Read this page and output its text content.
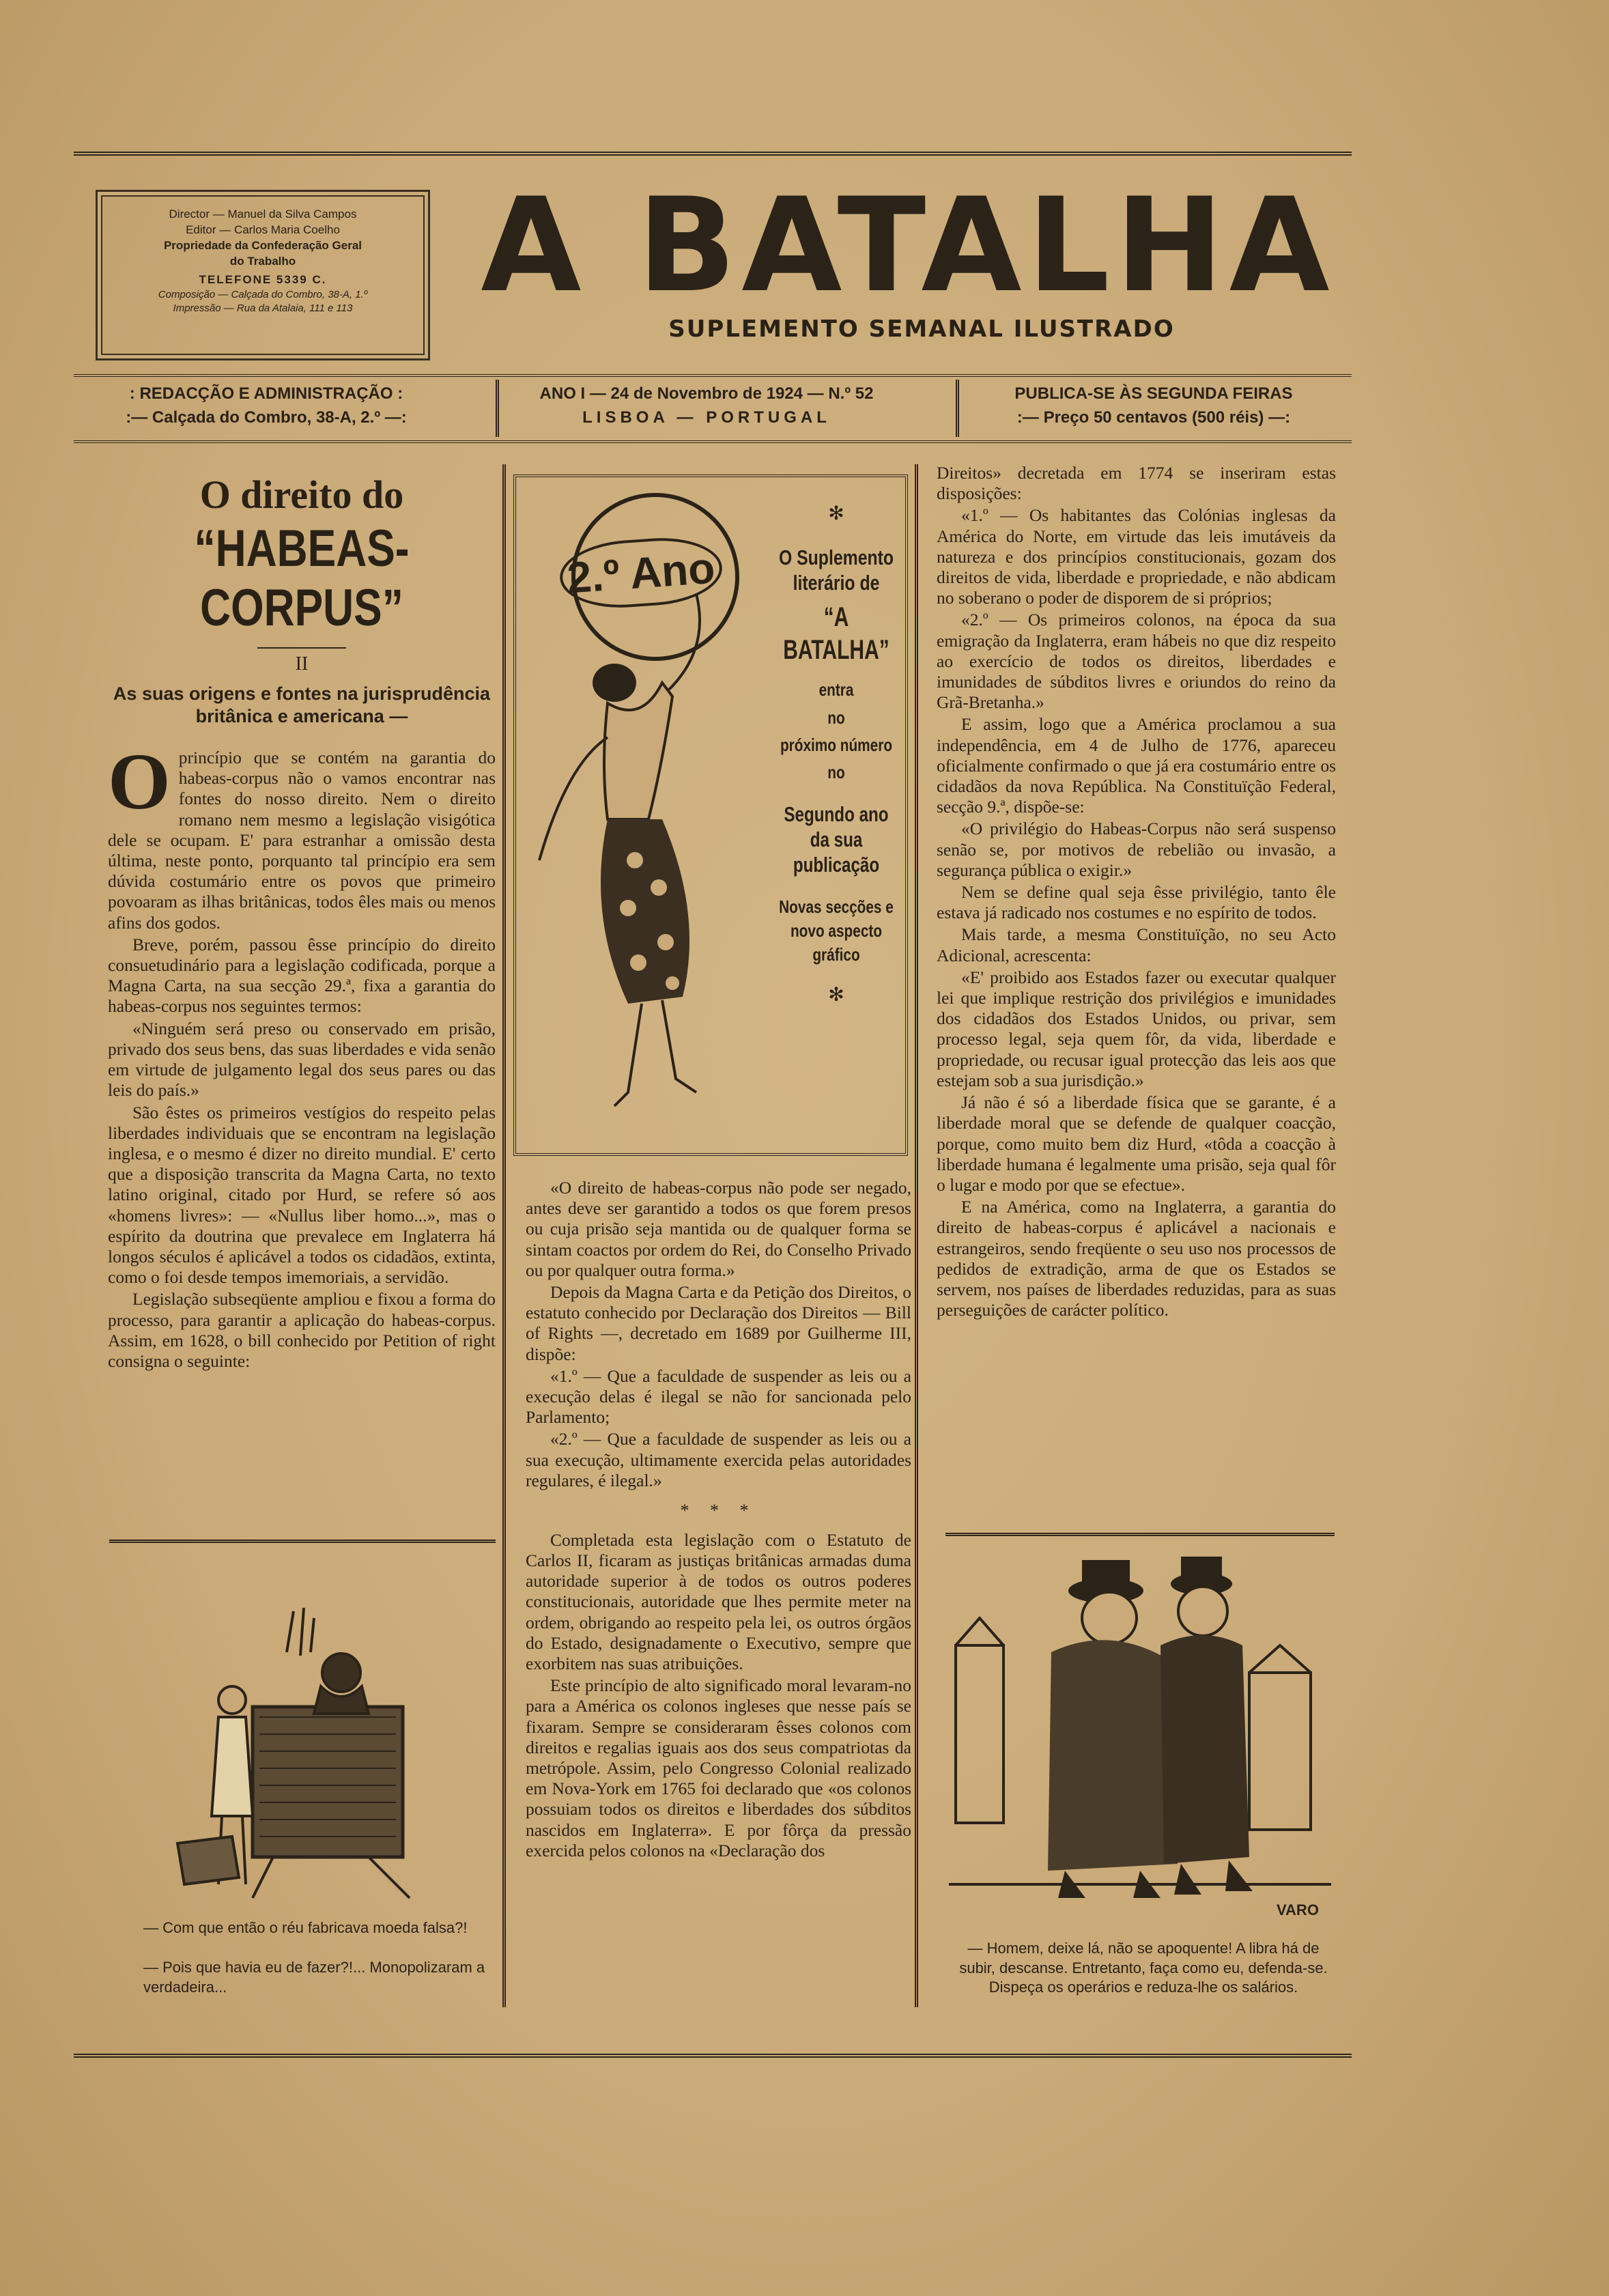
Director — Manuel da Silva Campos
Editor — Carlos Maria Coelho
Propriedade da Confederação Geral
do Trabalho
TELEFONE 5339 C.
Composição — Calçada do Combro, 38-A, 1.º
Impressão — Rua da Atalaia, 111 e 113 A BATALHA
SUPLEMENTO SEMANAL ILUSTRADO
: REDACÇÃO E ADMINISTRAÇÃO :
:— Calçada do Combro, 38-A, 2.º —:
ANO I — 24 de Novembro de 1924 — N.º 52
LISBOA — PORTUGAL
PUBLICA-SE ÀS SEGUNDA FEIRAS
:— Preço 50 centavos (500 réis) —:
O direito do
“HABEAS-CORPUS”
II
As suas origens e fontes na jurisprudência britânica e americana —

Oprincípio que se contém na garantia do habeas-corpus não o vamos encontrar nas fontes do nosso direito. Nem o direito romano nem mesmo a legislação visigótica dele se ocupam. E' para estranhar a omissão desta última, neste ponto, porquanto tal princípio era sem dúvida costumário entre os povos que primeiro povoaram as ilhas britânicas, todos êles mais ou menos afins dos godos.

Breve, porém, passou êsse princípio do direito consuetudinário para a legislação codificada, porque a Magna Carta, na sua secção 29.ª, fixa a garantia do habeas-corpus nos seguintes termos:

«Ninguém será preso ou conservado em prisão, privado dos seus bens, das suas liberdades e vida senão em virtude de julgamento legal dos seus pares ou das leis do país.»

São êstes os primeiros vestígios do respeito pelas liberdades individuais que se encontram na legislação inglesa, e o mesmo é dizer no direito mundial. E' certo que a disposição transcrita da Magna Carta, no texto latino original, citado por Hurd, se refere só aos «homens livres»: — «Nullus liber homo...», mas o espírito da doutrina que prevalece em Inglaterra há longos séculos é aplicável a todos os cidadãos, extinta, como o foi desde tempos imemoriais, a servidão.

Legislação subseqüente ampliou e fixou a forma do processo, para garantir a aplicação do habeas-corpus. Assim, em 1628, o bill conhecido por Petition of right consigna o seguinte:

— Com que então o réu fabricava moeda falsa?!
— Pois que havia eu de fazer?!... Monopolizaram a verdadeira...
2.º Ano
✻
O Suplemento literário de
“A BATALHA”
entra
no
próximo número
no
Segundo ano da sua publicação
Novas secções e novo aspecto gráfico
✻

«O direito de habeas-corpus não pode ser negado, antes deve ser garantido a todos os que forem presos ou cuja prisão seja mantida ou de qualquer forma se sintam coactos por ordem do Rei, do Conselho Privado ou por qualquer outra forma.»

Depois da Magna Carta e da Petição dos Direitos, o estatuto conhecido por Declaração dos Direitos — Bill of Rights —, decretado em 1689 por Guilherme III, dispõe:

«1.º — Que a faculdade de suspender as leis ou a execução delas é ilegal se não for sancionada pelo Parlamento;

«2.º — Que a faculdade de suspender as leis ou a sua execução, ultimamente exercida pelas autoridades regulares, é ilegal.»

* * *

Completada esta legislação com o Estatuto de Carlos II, ficaram as justiças britânicas armadas duma autoridade superior à de todos os outros poderes constitucionais, autoridade que lhes permite meter na ordem, obrigando ao respeito pela lei, os outros órgãos do Estado, designadamente o Executivo, sempre que exorbitem nas suas atribuições.

Este princípio de alto significado moral levaram-no para a América os colonos ingleses que nesse país se fixaram. Sempre se consideraram êsses colonos com direitos e regalias iguais aos dos seus compatriotas da metrópole. Assim, pelo Congresso Colonial realizado em Nova-York em 1765 foi declarado que «os colonos possuiam todos os direitos e liberdades dos súbditos nascidos em Inglaterra». E por fôrça da pressão exercida pelos colonos na «Declaração dos

Direitos» decretada em 1774 se inseriram estas disposições:

«1.º — Os habitantes das Colónias inglesas da América do Norte, em virtude das leis imutáveis da natureza e dos princípios constitucionais, gozam dos direitos de vida, liberdade e propriedade, e não abdicam no soberano o poder de disporem de si próprios;

«2.º — Os primeiros colonos, na época da sua emigração da Inglaterra, eram hábeis no que diz respeito ao exercício de todos os direitos, liberdades e imunidades de súbditos livres e oriundos do reino da Grã-Bretanha.»

E assim, logo que a América proclamou a sua independência, em 4 de Julho de 1776, apareceu oficialmente confirmado o que já era costumário entre os cidadãos da nova República. Na Constituïção Federal, secção 9.ª, dispõe-se:

«O privilégio do Habeas-Corpus não será suspenso senão se, por motivos de rebelião ou invasão, a segurança pública o exigir.»

Nem se define qual seja êsse privilégio, tanto êle estava já radicado nos costumes e no espírito de todos.

Mais tarde, a mesma Constituïção, no seu Acto Adicional, acrescenta:

«E' proibido aos Estados fazer ou executar qualquer lei que implique restrição dos privilégios e imunidades dos cidadãos dos Estados Unidos, ou privar, sem processo legal, seja quem fôr, da vida, liberdade e propriedade, ou recusar igual protecção das leis aos que estejam sob a sua jurisdição.»

Já não é só a liberdade física que se garante, é a liberdade moral que se defende de qualquer coacção, porque, como muito bem diz Hurd, «tôda a coacção à liberdade humana é legalmente uma prisão, seja qual fôr o lugar e modo por que se efectue».

E na América, como na Inglaterra, a garantia do direito de habeas-corpus é aplicável a nacionais e estrangeiros, sendo freqüente o seu uso nos processos de pedidos de extradição, arma de que os Estados se servem, nos países de liberdades reduzidas, para as suas perseguições de carácter político.

VARO
— Homem, deixe lá, não se apoquente! A libra há de subir, descanse. Entretanto, faça como eu, defenda-se. Dispeça os operários e reduza-lhe os salários.
